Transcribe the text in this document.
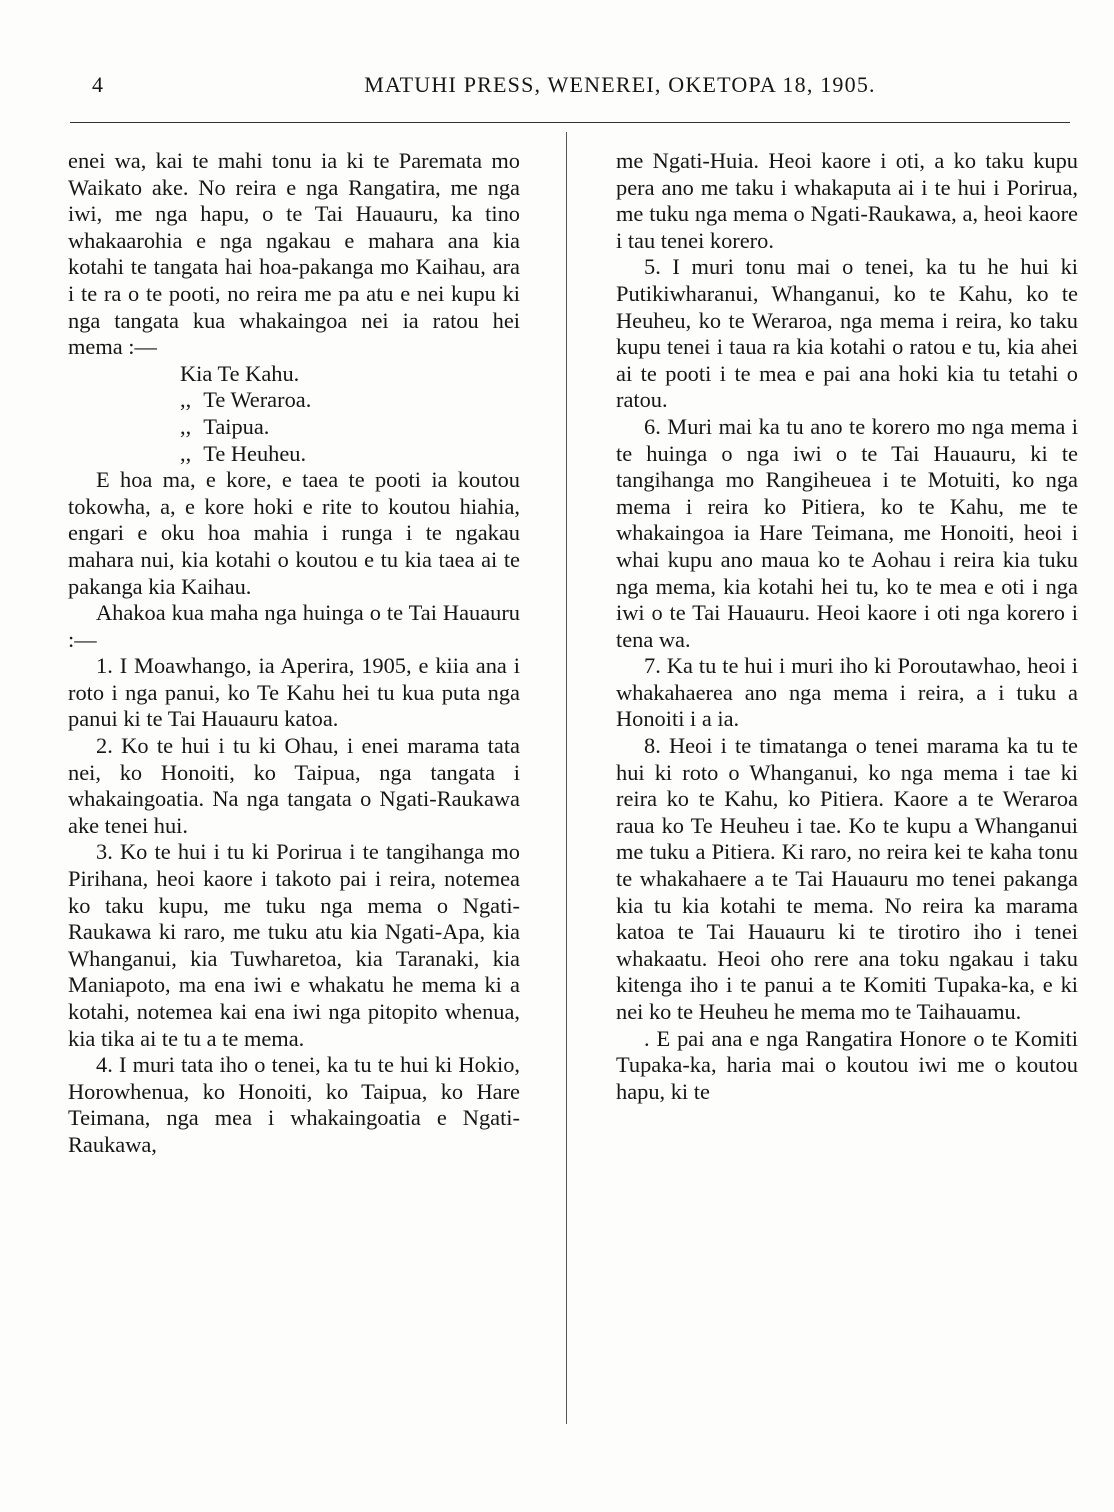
4	MATUHI PRESS, WENEREI, OKETOPA 18, 1905.

enei wa, kai te mahi tonu ia ki te Paremata mo Waikato ake. No reira e nga Rangatira, me nga iwi, me nga hapu, o te Tai Hauauru, ka tino whakaarohia e nga ngakau e mahara ana kia kotahi te tangata hai hoa-pakanga mo Kaihau, ara i te ra o te pooti, no reira me pa atu e nei kupu ki nga tangata kua whakaingoa nei ia ratou hei mema :—

Kia Te Kahu.
,, Te Weraroa.
,, Taipua.
,, Te Heuheu.

E hoa ma, e kore, e taea te pooti ia koutou tokowha, a, e kore hoki e rite to koutou hiahia, engari e oku hoa mahia i runga i te ngakau mahara nui, kia kotahi o koutou e tu kia taea ai te pakanga kia Kaihau.

Ahakoa kua maha nga huinga o te Tai Hauauru :—

1. I Moawhango, ia Aperira, 1905, e kiia ana i roto i nga panui, ko Te Kahu hei tu kua puta nga panui ki te Tai Hauauru katoa.

2. Ko te hui i tu ki Ohau, i enei marama tata nei, ko Honoiti, ko Taipua, nga tangata i whakaingoatia. Na nga tangata o Ngati-Raukawa ake tenei hui.

3. Ko te hui i tu ki Porirua i te tangihanga mo Pirihana, heoi kaore i takoto pai i reira, notemea ko taku kupu, me tuku nga mema o Ngati-Raukawa ki raro, me tuku atu kia Ngati-Apa, kia Whanganui, kia Tuwharetoa, kia Taranaki, kia Maniapoto, ma ena iwi e whakatu he mema ki a kotahi, notemea kai ena iwi nga pitopito whenua, kia tika ai te tu a te mema.

4. I muri tata iho o tenei, ka tu te hui ki Hokio, Horowhenua, ko Honoiti, ko Taipua, ko Hare Teimana, nga mea i whakaingoatia e Ngati-Raukawa,

me Ngati-Huia. Heoi kaore i oti, a ko taku kupu pera ano me taku i whakaputa ai i te hui i Porirua, me tuku nga mema o Ngati-Raukawa, a, heoi kaore i tau tenei korero.

5. I muri tonu mai o tenei, ka tu he hui ki Putikiwharanui, Whanganui, ko te Kahu, ko te Heuheu, ko te Weraroa, nga mema i reira, ko taku kupu tenei i taua ra kia kotahi o ratou e tu, kia ahei ai te pooti i te mea e pai ana hoki kia tu tetahi o ratou.

6. Muri mai ka tu ano te korero mo nga mema i te huinga o nga iwi o te Tai Hauauru, ki te tangihanga mo Rangiheuea i te Motuiti, ko nga mema i reira ko Pitiera, ko te Kahu, me te whakaingoa ia Hare Teimana, me Honoiti, heoi i whai kupu ano maua ko te Aohau i reira kia tuku nga mema, kia kotahi hei tu, ko te mea e oti i nga iwi o te Tai Hauauru. Heoi kaore i oti nga korero i tena wa.

7. Ka tu te hui i muri iho ki Poroutawhao, heoi i whakahaerea ano nga mema i reira, a i tuku a Honoiti i a ia.

8. Heoi i te timatanga o tenei marama ka tu te hui ki roto o Whanganui, ko nga mema i tae ki reira ko te Kahu, ko Pitiera. Kaore a te Weraroa raua ko Te Heuheu i tae. Ko te kupu a Whanganui me tuku a Pitiera. Ki raro, no reira kei te kaha tonu te whakahaere a te Tai Hauauru mo tenei pakanga kia tu kia kotahi te mema. No reira ka marama katoa te Tai Hauauru ki te tirotiro iho i tenei whakaatu. Heoi oho rere ana toku ngakau i taku kitenga iho i te panui a te Komiti Tupaka-ka, e ki nei ko te Heuheu he mema mo te Taihauamu.

. E pai ana e nga Rangatira Honore o te Komiti Tupaka-ka, haria mai o koutou iwi me o koutou hapu, ki te
